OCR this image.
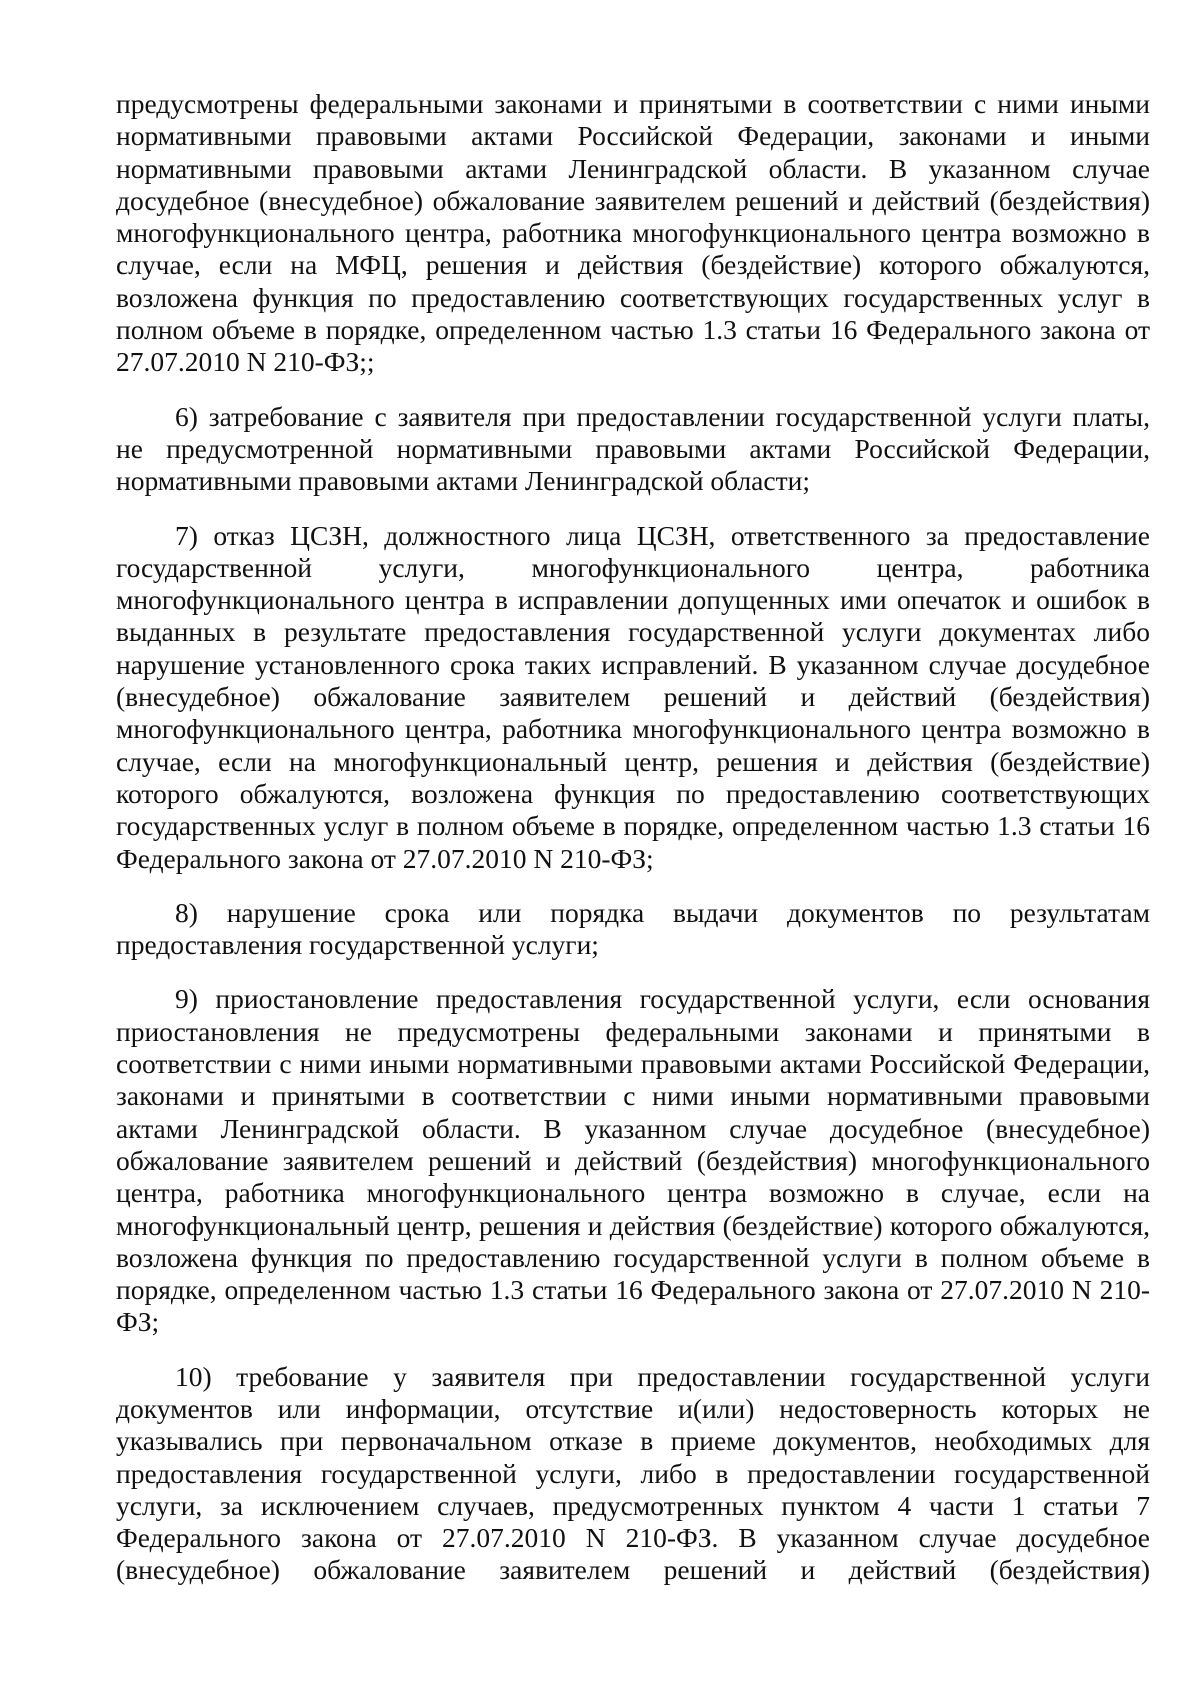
предусмотрены федеральными законами и принятыми в соответствии с ними иными нормативными правовыми актами Российской Федерации, законами и иными нормативными правовыми актами Ленинградской области. В указанном случае досудебное (внесудебное) обжалование заявителем решений и действий (бездействия) многофункционального центра, работника многофункционального центра возможно в случае, если на МФЦ, решения и действия (бездействие) которого обжалуются, возложена функция по предоставлению соответствующих государственных услуг в полном объеме в порядке, определенном частью 1.3 статьи 16 Федерального закона от 27.07.2010 N 210-ФЗ;;

6) затребование с заявителя при предоставлении государственной услуги платы, не предусмотренной нормативными правовыми актами Российской Федерации, нормативными правовыми актами Ленинградской области;

7) отказ ЦСЗН, должностного лица ЦСЗН, ответственного за предоставление государственной услуги, многофункционального центра, работника многофункционального центра в исправлении допущенных ими опечаток и ошибок в выданных в результате предоставления государственной услуги документах либо нарушение установленного срока таких исправлений. В указанном случае досудебное (внесудебное) обжалование заявителем решений и действий (бездействия) многофункционального центра, работника многофункционального центра возможно в случае, если на многофункциональный центр, решения и действия (бездействие) которого обжалуются, возложена функция по предоставлению соответствующих государственных услуг в полном объеме в порядке, определенном частью 1.3 статьи 16 Федерального закона от 27.07.2010 N 210-ФЗ;

8) нарушение срока или порядка выдачи документов по результатам предоставления государственной услуги;

9) приостановление предоставления государственной услуги, если основания приостановления не предусмотрены федеральными законами и принятыми в соответствии с ними иными нормативными правовыми актами Российской Федерации, законами и принятыми в соответствии с ними иными нормативными правовыми актами Ленинградской области. В указанном случае досудебное (внесудебное) обжалование заявителем решений и действий (бездействия) многофункционального центра, работника многофункционального центра возможно в случае, если на многофункциональный центр, решения и действия (бездействие) которого обжалуются, возложена функция по предоставлению государственной услуги в полном объеме в порядке, определенном частью 1.3 статьи 16 Федерального закона от 27.07.2010 N 210-ФЗ;

10) требование у заявителя при предоставлении государственной услуги документов или информации, отсутствие и(или) недостоверность которых не указывались при первоначальном отказе в приеме документов, необходимых для предоставления государственной услуги, либо в предоставлении государственной услуги, за исключением случаев, предусмотренных пунктом 4 части 1 статьи 7 Федерального закона от 27.07.2010 N 210-ФЗ. В указанном случае досудебное (внесудебное) обжалование заявителем решений и действий (бездействия)
